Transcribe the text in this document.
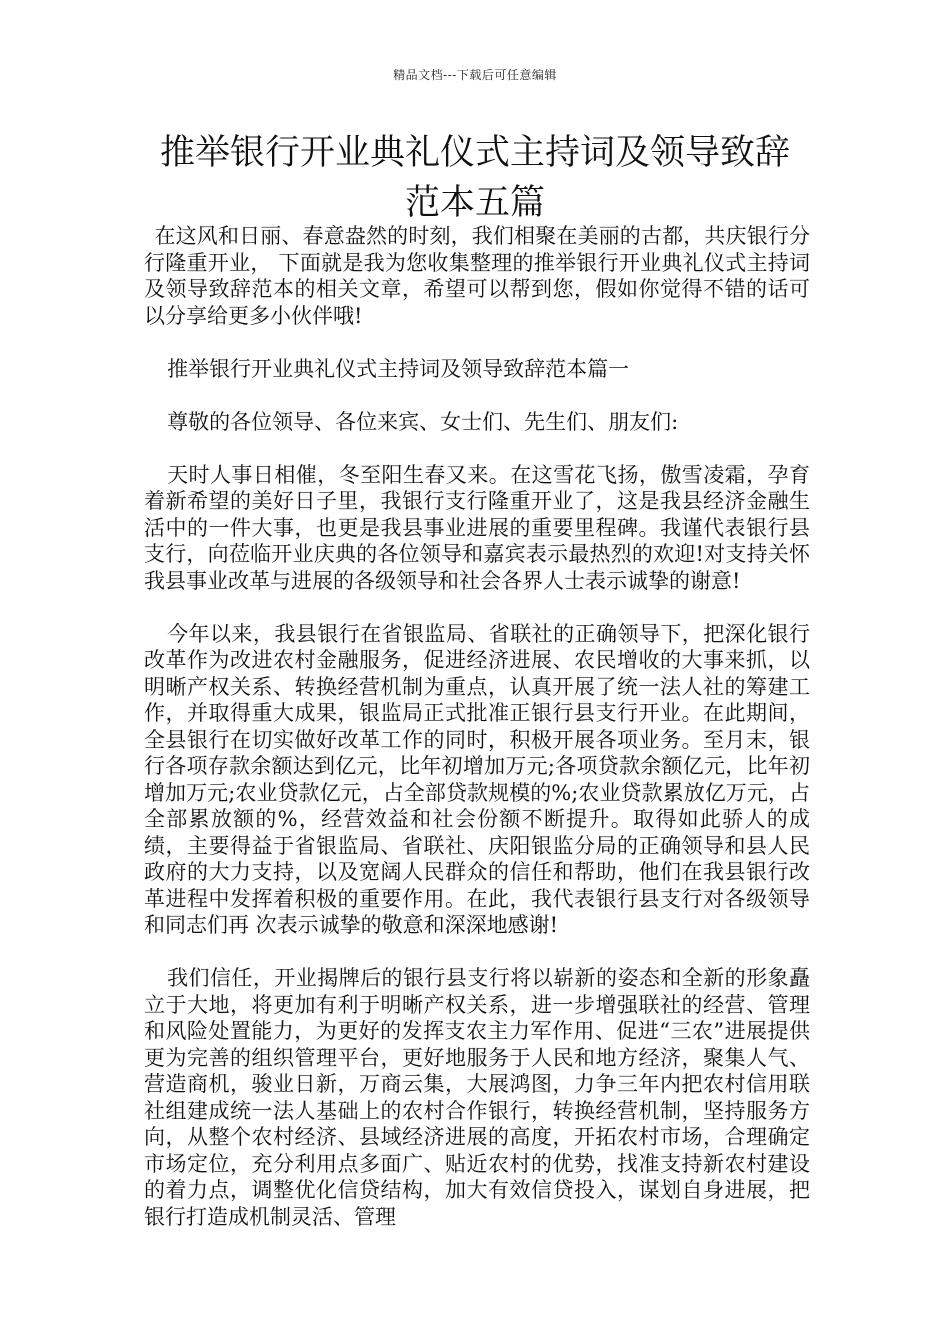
精品文档---下载后可任意编辑
推举银行开业典礼仪式主持词及领导致辞范本五篇

在这风和日丽、春意盎然的时刻，我们相聚在美丽的古都，共庆银行分行隆重开业， 下面就是我为您收集整理的推举银行开业典礼仪式主持词及领导致辞范本的相关文章，希望可以帮到您，假如你觉得不错的话可以分享给更多小伙伴哦!

推举银行开业典礼仪式主持词及领导致辞范本篇一

尊敬的各位领导、各位来宾、女士们、先生们、朋友们:

天时人事日相催，冬至阳生春又来。在这雪花飞扬，傲雪凌霜，孕育着新希望的美好日子里，我银行支行隆重开业了，这是我县经济金融生活中的一件大事，也更是我县事业进展的重要里程碑。我谨代表银行县支行，向莅临开业庆典的各位领导和嘉宾表示最热烈的欢迎!对支持关怀我县事业改革与进展的各级领导和社会各界人士表示诚挚的谢意!

今年以来，我县银行在省银监局、省联社的正确领导下，把深化银行改革作为改进农村金融服务，促进经济进展、农民增收的大事来抓，以明晰产权关系、转换经营机制为重点，认真开展了统一法人社的筹建工作，并取得重大成果，银监局正式批准正银行县支行开业。在此期间，全县银行在切实做好改革工作的同时，积极开展各项业务。至月末，银行各项存款余额达到亿元，比年初增加万元;各项贷款余额亿元，比年初增加万元;农业贷款亿元，占全部贷款规模的%;农业贷款累放亿万元，占全部累放额的%，经营效益和社会份额不断提升。取得如此骄人的成绩，主要得益于省银监局、省联社、庆阳银监分局的正确领导和县人民政府的大力支持，以及宽阔人民群众的信任和帮助，他们在我县银行改革进程中发挥着积极的重要作用。在此，我代表银行县支行对各级领导和同志们再 次表示诚挚的敬意和深深地感谢!

我们信任，开业揭牌后的银行县支行将以崭新的姿态和全新的形象矗立于大地，将更加有利于明晰产权关系，进一步增强联社的经营、管理和风险处置能力，为更好的发挥支农主力军作用、促进“三农”进展提供更为完善的组织管理平台，更好地服务于人民和地方经济，聚集人气、营造商机，骏业日新，万商云集，大展鸿图，力争三年内把农村信用联社组建成统一法人基础上的农村合作银行，转换经营机制，坚持服务方向，从整个农村经济、县域经济进展的高度，开拓农村市场，合理确定市场定位，充分利用点多面广、贴近农村的优势，找准支持新农村建设的着力点，调整优化信贷结构，加大有效信贷投入，谋划自身进展，把银行打造成机制灵活、管理
